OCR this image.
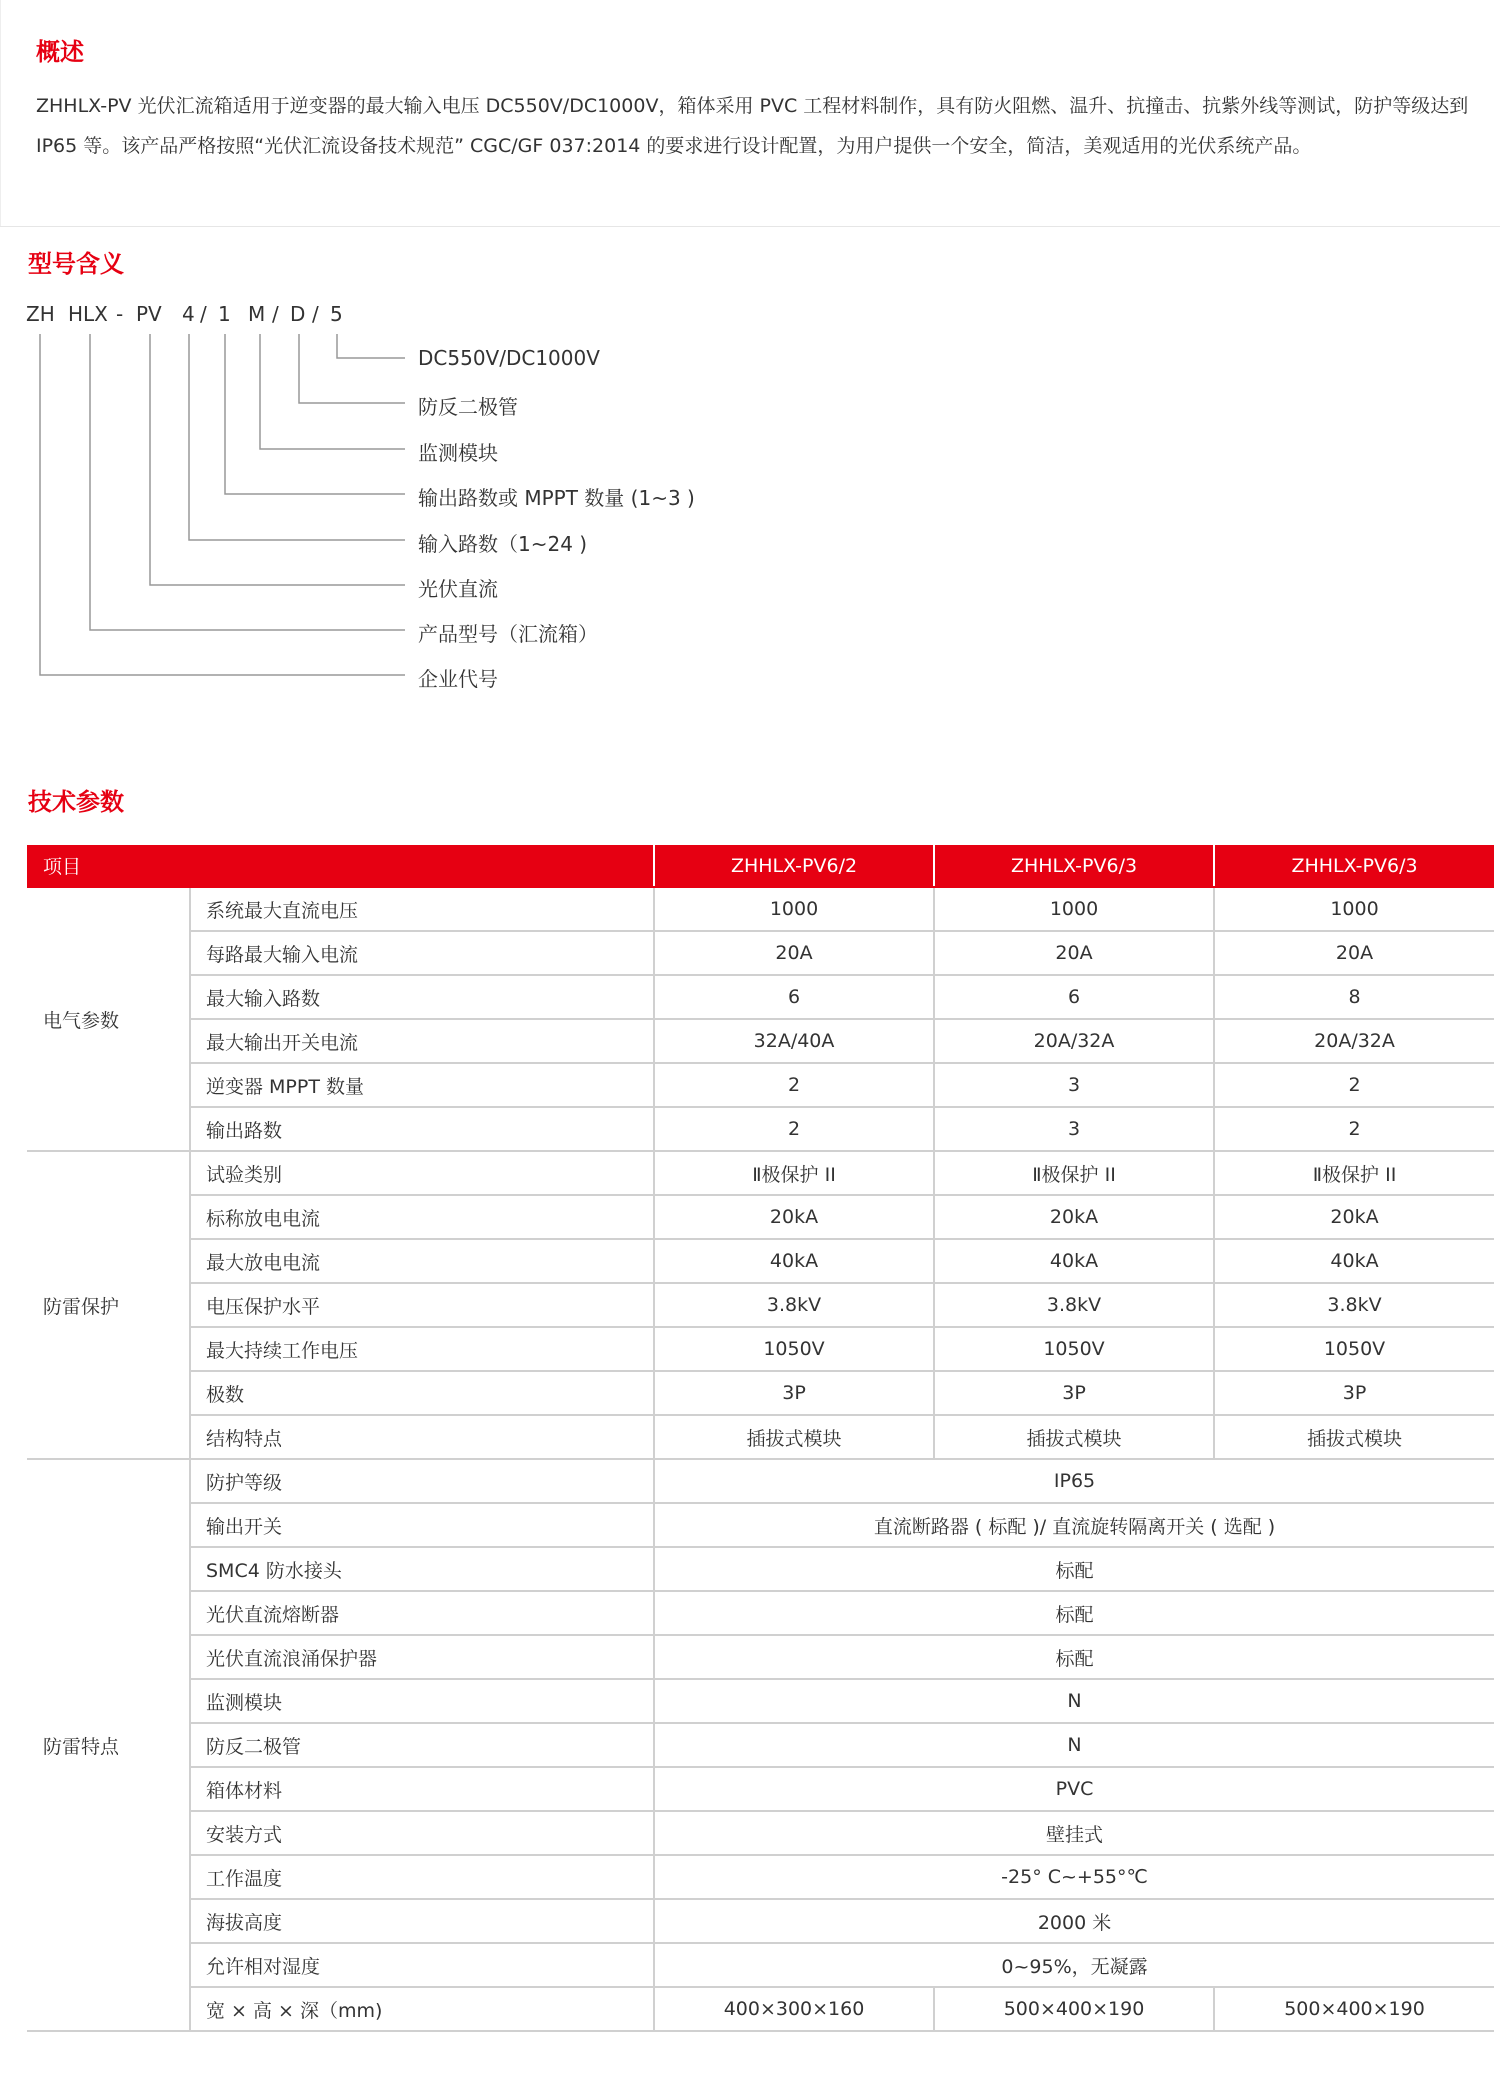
概述

ZHHLX-PV 光伏汇流箱适用于逆变器的最大输入电压 DC550V/DC1000V，箱体采用 PVC 工程材料制作，具有防火阻燃、温升、抗撞击、抗紫外线等测试，防护等级达到 IP65 等。该产品严格按照“光伏汇流设备技术规范” CGC/GF 037:2014 的要求进行设计配置，为用户提供一个安全，简洁，美观适用的光伏系统产品。

型号含义
ZH HLX - PV 4 / 1 M / D / 5
DC550V/DC1000V
防反二极管
监测模块
输出路数或 MPPT 数量 (1~3 )
输入路数（1~24 )
光伏直流
产品型号（汇流箱）
企业代号
技术参数
项目		ZHHLX-PV6/2	ZHHLX-PV6/3	ZHHLX-PV6/3
电气参数	系统最大直流电压	1000	1000	1000
	每路最大输入电流	20A	20A	20A
	最大输入路数	6	6	8
	最大输出开关电流	32A/40A	20A/32A	20A/32A
	逆变器 MPPT 数量	2	3	2
	输出路数	2	3	2
防雷保护	试验类别	Ⅱ极保护 II	Ⅱ极保护 II	Ⅱ极保护 II
	标称放电电流	20kA	20kA	20kA
	最大放电电流	40kA	40kA	40kA
	电压保护水平	3.8kV	3.8kV	3.8kV
	最大持续工作电压	1050V	1050V	1050V
	极数	3P	3P	3P
	结构特点	插拔式模块	插拔式模块	插拔式模块
防雷特点	防护等级	IP65		
	输出开关	直流断路器 ( 标配 )/ 直流旋转隔离开关 ( 选配 )		
	SMC4 防水接头	标配		
	光伏直流熔断器	标配		
	光伏直流浪涌保护器	标配		
	监测模块	N		
	防反二极管	N		
	箱体材料	PVC		
	安装方式	壁挂式		
	工作温度	-25° C~+55°℃		
	海拔高度	2000 米		
	允许相对湿度	0~95%，无凝露		
	宽 × 高 × 深（mm)	400×300×160	500×400×190	500×400×190
